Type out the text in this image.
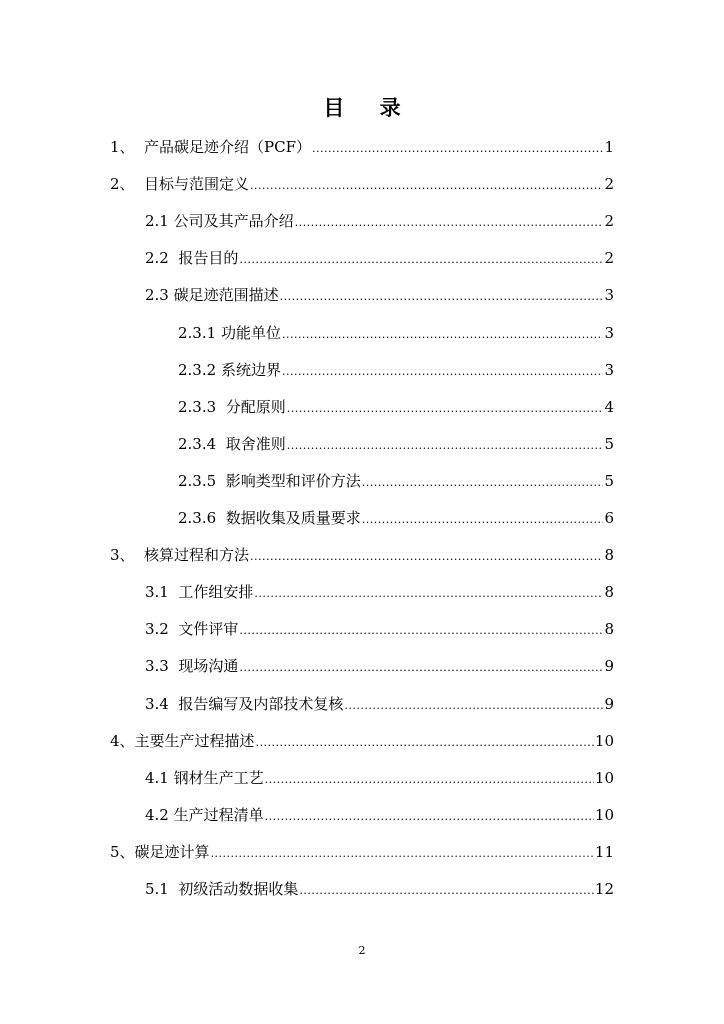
目 录
1、 产品碳足迹介绍（PCF） .....	1
2、 目标与范围定义 .....	2
2.1 公司及其产品介绍 .....	2
2.2 报告目的 .....	2
2.3 碳足迹范围描述 .....	3
2.3.1 功能单位 .....	3
2.3.2 系统边界 .....	3
2.3.3 分配原则 .....	4
2.3.4 取舍准则 .....	5
2.3.5 影响类型和评价方法 .....	5
2.3.6 数据收集及质量要求 .....	6
3、 核算过程和方法 .....	8
3.1 工作组安排 .....	8
3.2 文件评审 .....	8
3.3 现场沟通 .....	9
3.4 报告编写及内部技术复核 .....	9
4、 主要生产过程描述 .....	10
4.1 钢材生产工艺 .....	10
4.2 生产过程清单 .....	10
5、 碳足迹计算 .....	11
5.1 初级活动数据收集 .....	12
2
